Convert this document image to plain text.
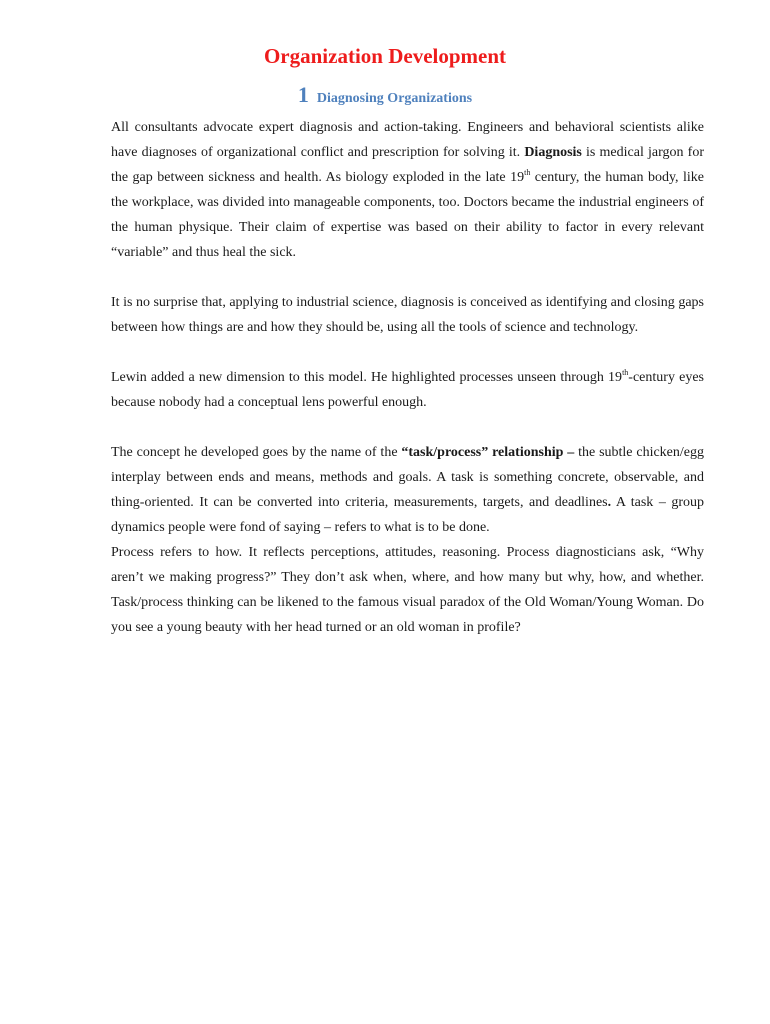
Organization Development
1 Diagnosing Organizations

All consultants advocate expert diagnosis and action-taking. Engineers and behavioral scientists alike have diagnoses of organizational conflict and prescription for solving it. Diagnosis is medical jargon for the gap between sickness and health. As biology exploded in the late 19th century, the human body, like the workplace, was divided into manageable components, too. Doctors became the industrial engineers of the human physique. Their claim of expertise was based on their ability to factor in every relevant “variable” and thus heal the sick.

It is no surprise that, applying to industrial science, diagnosis is conceived as identifying and closing gaps between how things are and how they should be, using all the tools of science and technology.

Lewin added a new dimension to this model. He highlighted processes unseen through 19th-century eyes because nobody had a conceptual lens powerful enough.

The concept he developed goes by the name of the “task/process” relationship – the subtle chicken/egg interplay between ends and means, methods and goals. A task is something concrete, observable, and thing-oriented. It can be converted into criteria, measurements, targets, and deadlines. A task – group dynamics people were fond of saying – refers to what is to be done.

Process refers to how. It reflects perceptions, attitudes, reasoning. Process diagnosticians ask, “Why aren’t we making progress?” They don’t ask when, where, and how many but why, how, and whether. Task/process thinking can be likened to the famous visual paradox of the Old Woman/Young Woman. Do you see a young beauty with her head turned or an old woman in profile?
